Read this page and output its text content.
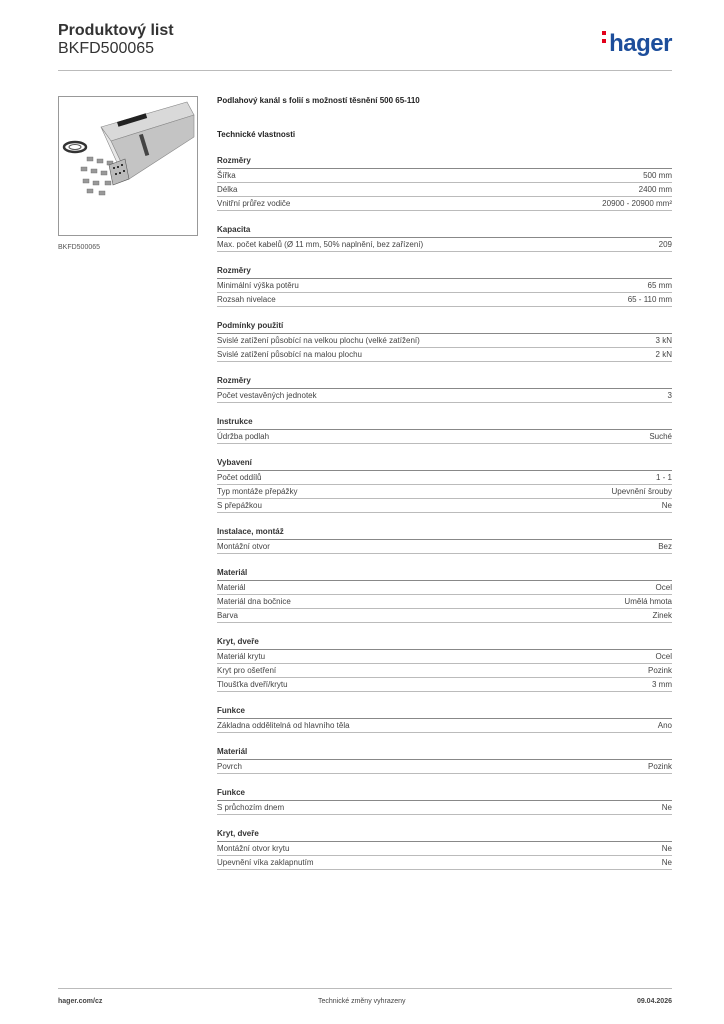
Produktový list
BKFD500065	hager
BKFD500065
Podlahový kanál s folií s možností těsnění 500 65-110
Technické vlastnosti
Rozměry
Šířka	500 mm
Délka	2400 mm
Vnitřní průřez vodiče	20900 - 20900 mm²
Kapacita
Max. počet kabelů (Ø 11 mm, 50% naplnění, bez zařízení)	209
Rozměry
Minimální výška potěru	65 mm
Rozsah nivelace	65 - 110 mm
Podmínky použití
Svislé zatížení působící na velkou plochu (velké zatížení)	3 kN
Svislé zatížení působící na malou plochu	2 kN
Rozměry
Počet vestavěných jednotek	3
Instrukce
Údržba podlah	Suché
Vybavení
Počet oddílů	1 - 1
Typ montáže přepážky	Upevnění šrouby
S přepážkou	Ne
Instalace, montáž
Montážní otvor	Bez
Materiál
Materiál	Ocel
Materiál dna bočnice	Umělá hmota
Barva	Zinek
Kryt, dveře
Materiál krytu	Ocel
Kryt pro ošetření	Pozink
Tloušťka dveří/krytu	3 mm
Funkce
Základna oddělitelná od hlavního těla	Ano
Materiál
Povrch	Pozink
Funkce
S průchozím dnem	Ne
Kryt, dveře
Montážní otvor krytu	Ne
Upevnění víka zaklapnutím	Ne
hager.com/cz	Technické změny vyhrazeny	09.04.2026
